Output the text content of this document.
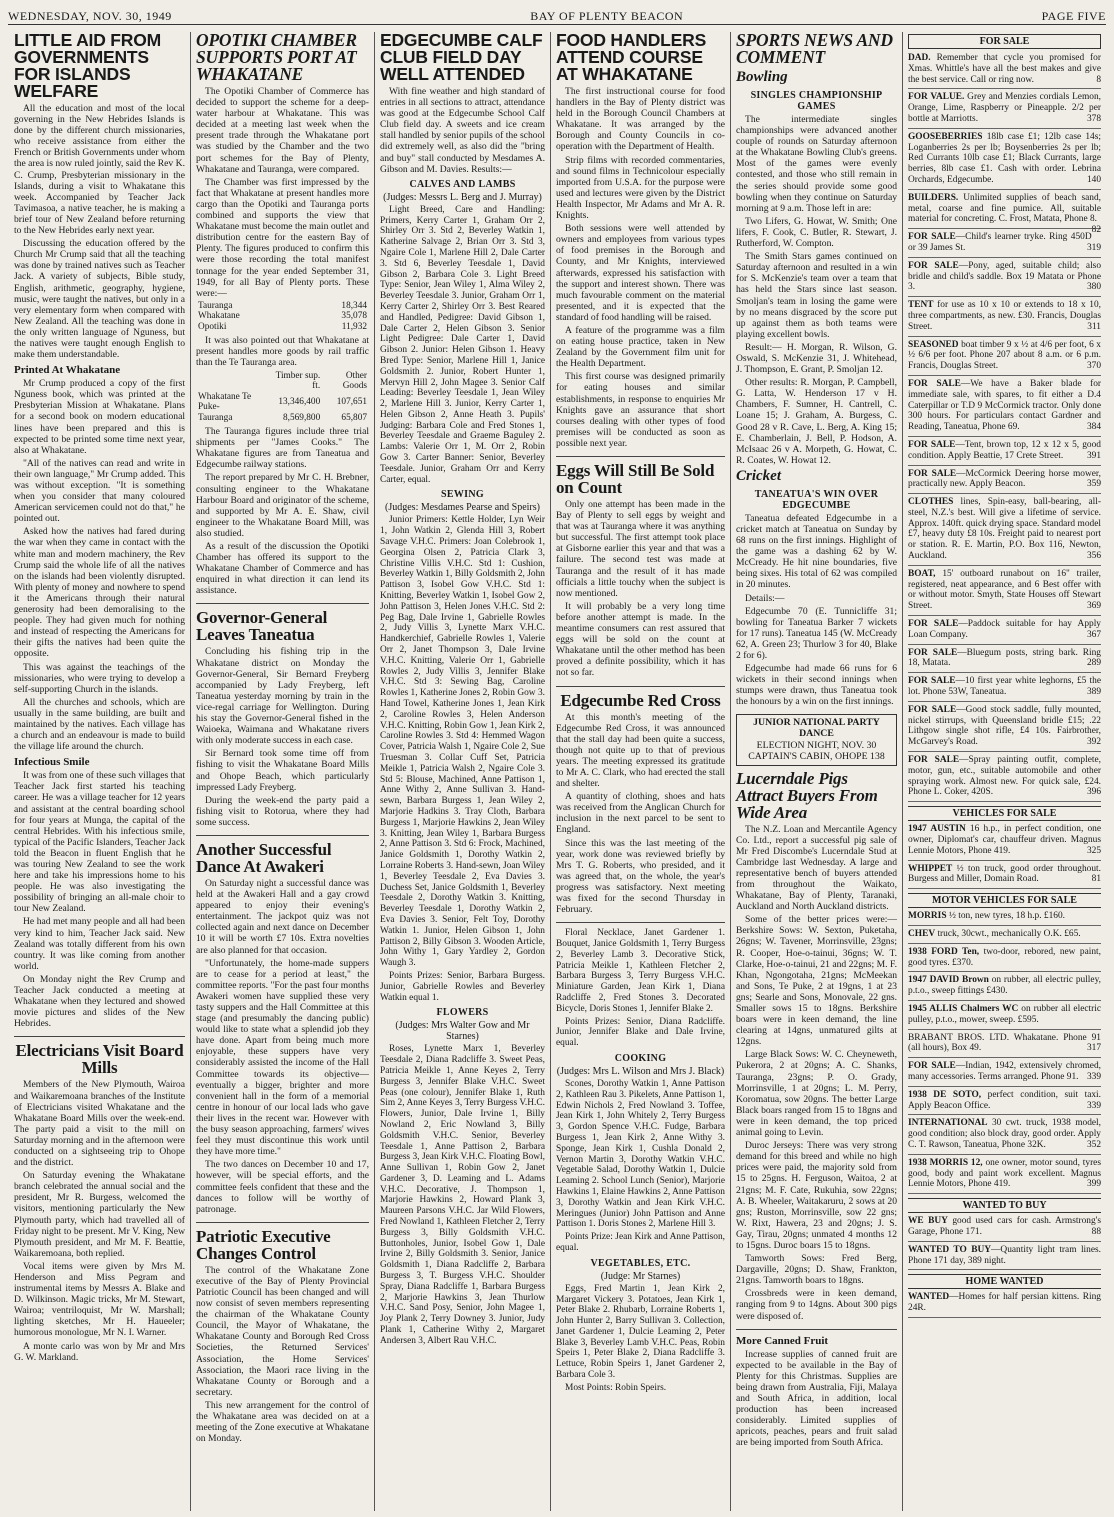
WEDNESDAY, NOV. 30, 1949	BAY OF PLENTY BEACON	PAGE FIVE
LITTLE AID FROM GOVERNMENTS FOR ISLANDS WELFARE

All the education and most of the local governing in the New Hebrides Islands is done by the different church missionaries, who receive assistance from either the French or British Governments under whom the area is now ruled jointly, said the Rev K. C. Crump, Presbyterian missionary in the Islands, during a visit to Whakatane this week. Accompanied by Teacher Jack Tavimasoa, a native teacher, he is making a brief tour of New Zealand before returning to the New Hebrides early next year.

Discussing the education offered by the Church Mr Crump said that all the teaching was done by trained natives such as Teacher Jack. A variety of subjects, Bible study, English, arithmetic, geography, hygiene, music, were taught the natives, but only in a very elementary form when compared with New Zealand. All the teaching was done in the only written language of Nguness, but the natives were taught enough English to make them understandable.

Printed At Whakatane

Mr Crump produced a copy of the first Nguness book, which was printed at the Presbyterian Mission at Whakatane. Plans for a second book on modern educational lines have been prepared and this is expected to be printed some time next year, also at Whakatane.

"All of the natives can read and write in their own language," Mr Crump added. This was without exception. "It is something when you consider that many coloured American servicemen could not do that," he pointed out.

Asked how the natives had fared during the war when they came in contact with the white man and modern machinery, the Rev Crump said the whole life of all the natives on the islands had been violently disrupted. With plenty of money and nowhere to spend it the Americans through their natural generosity had been demoralising to the people. They had given much for nothing and instead of respecting the Americans for their gifts the natives had been quite the opposite.

This was against the teachings of the missionaries, who were trying to develop a self-supporting Church in the islands.

All the churches and schools, which are usually in the same building, are built and maintained by the natives. Each village has a church and an endeavour is made to build the village life around the church.

Infectious Smile

It was from one of these such villages that Teacher Jack first started his teaching career. He was a village teacher for 12 years and assistant at the central boarding school for four years at Munga, the capital of the central Hebrides. With his infectious smile, typical of the Pacific Islanders, Teacher Jack told the Beacon in fluent English that he was touring New Zealand to see the work here and take his impressions home to his people. He was also investigating the possibility of bringing an all-male choir to tour New Zealand.

He had met many people and all had been very kind to him, Teacher Jack said. New Zealand was totally different from his own country. It was like coming from another world.

On Monday night the Rev Crump and Teacher Jack conducted a meeting at Whakatane when they lectured and showed movie pictures and slides of the New Hebrides.

Electricians Visit Board Mills

Members of the New Plymouth, Wairoa and Waikaremoana branches of the Institute of Electricians visited Whakatane and the Whakatane Board Mills over the week-end. The party paid a visit to the mill on Saturday morning and in the afternoon were conducted on a sightseeing trip to Ohope and the district.

On Saturday evening the Whakatane branch celebrated the annual social and the president, Mr R. Burgess, welcomed the visitors, mentioning particularly the New Plymouth party, which had travelled all of Friday night to be present. Mr V. King, New Plymouth president, and Mr M. F. Beattie, Waikaremoana, both replied.

Vocal items were given by Mrs M. Henderson and Miss Pegram and instrumental items by Messrs A. Blake and D. Wilkinson. Magic tricks, Mr M. Stewart, Wairoa; ventriloquist, Mr W. Marshall; lighting sketches, Mr H. Haueeler; humorous monologue, Mr N. I. Warner.

A monte carlo was won by Mr and Mrs G. W. Markland.

OPOTIKI CHAMBER SUPPORTS PORT AT WHAKATANE

The Opotiki Chamber of Commerce has decided to support the scheme for a deep-water harbour at Whakatane. This was decided at a meeting last week when the present trade through the Whakatane port was studied by the Chamber and the two port schemes for the Bay of Plenty, Whakatane and Tauranga, were compared.

The Chamber was first impressed by the fact that Whakatane at present handles more cargo than the Opotiki and Tauranga ports combined and supports the view that Whakatane must become the main outlet and distribution centre for the eastern Bay of Plenty. The figures produced to confirm this were those recording the total manifest tonnage for the year ended September 31, 1949, for all Bay of Plenty ports. These were:—

Tauranga	18,344
Whakatane	35,078
Opotiki	11,932

It was also pointed out that Whakatane at present handles more goods by rail traffic than the Te Tauranga area.

	Timber sup. ft.	Other Goods
Whakatane Te Puke-	13,346,400	107,651
Tauranga	8,569,800	65,807

The Tauranga figures include three trial shipments per "James Cooks." The Whakatane figures are from Taneatua and Edgecumbe railway stations.

The report prepared by Mr C. H. Brebner, consulting engineer to the Whakatane Harbour Board and originator of the scheme, and supported by Mr A. E. Shaw, civil engineer to the Whakatane Board Mill, was also studied.

As a result of the discussion the Opotiki Chamber has offered its support to the Whakatane Chamber of Commerce and has enquired in what direction it can lend its assistance.

Governor-General Leaves Taneatua

Concluding his fishing trip in the Whakatane district on Monday the Governor-General, Sir Bernard Freyberg accompanied by Lady Freyberg, left Taneatua yesterday morning by train in the vice-regal carriage for Wellington. During his stay the Governor-General fished in the Waioeka, Waimana and Whakatane rivers with only moderate success in each case.

Sir Bernard took some time off from fishing to visit the Whakatane Board Mills and Ohope Beach, which particularly impressed Lady Freyberg.

During the week-end the party paid a fishing visit to Rotorua, where they had some success.

Another Successful Dance At Awakeri

On Saturday night a successful dance was held at the Awakeri Hall and a gay crowd appeared to enjoy their evening's entertainment. The jackpot quiz was not collected again and next dance on December 10 it will be worth £7 10s. Extra novelties are also planned for that occasion.

"Unfortunately, the home-made suppers are to cease for a period at least," the committee reports. "For the past four months Awakeri women have supplied these very tasty suppers and the Hall Committee at this stage (and presumably the dancing public) would like to state what a splendid job they have done. Apart from being much more enjoyable, these suppers have very considerably assisted the income of the Hall Committee towards its objective—eventually a bigger, brighter and more convenient hall in the form of a memorial centre in honour of our local lads who gave their lives in the recent war. However with the busy season approaching, farmers' wives feel they must discontinue this work until they have more time."

The two dances on December 10 and 17, however, will be special efforts, and the committee feels confident that these and the dances to follow will be worthy of patronage.

Patriotic Executive Changes Control

The control of the Whakatane Zone executive of the Bay of Plenty Provincial Patriotic Council has been changed and will now consist of seven members representing the chairman of the Whakatane County Council, the Mayor of Whakatane, the Whakatane County and Borough Red Cross Societies, the Returned Services' Association, the Home Services' Association, the Maori race living in the Whakatane County or Borough and a secretary.

This new arrangement for the control of the Whakatane area was decided on at a meeting of the Zone executive at Whakatane on Monday.

EDGECUMBE CALF CLUB FIELD DAY WELL ATTENDED

With fine weather and high standard of entries in all sections to attract, attendance was good at the Edgecumbe School Calf Club field day. A sweets and ice cream stall handled by senior pupils of the school did extremely well, as also did the "bring and buy" stall conducted by Mesdames A. Gibson and M. Davies. Results:—

CALVES AND LAMBS
(Judges: Messrs L. Berg and J. Murray)

Light Breed, Care and Handling: Primers, Kerry Carter 1, Graham Orr 2, Shirley Orr 3. Std 2, Beverley Watkin 1, Katherine Salvage 2, Brian Orr 3. Std 3, Ngaire Cole 1, Marlene Hill 2, Dale Carter 3. Std 6, Beverley Teesdale 1, David Gibson 2, Barbara Cole 3. Light Breed Type: Senior, Jean Wiley 1, Alma Wiley 2, Beverley Teesdale 3. Junior, Graham Orr 1, Kerry Carter 2, Shirley Orr 3. Best Reared and Handled, Pedigree: David Gibson 1, Dale Carter 2, Helen Gibson 3. Senior Light Pedigree: Dale Carter 1, David Gibson 2. Junior: Helen Gibson 1. Heavy Bred Type: Senior, Marlene Hill 1, Janice Goldsmith 2. Junior, Robert Hunter 1, Mervyn Hill 2, John Magee 3. Senior Calf Leading: Beverley Teesdale 1, Jean Wiley 2, Marlene Hill 3. Junior, Kerry Carter 1, Helen Gibson 2, Anne Heath 3. Pupils' Judging: Barbara Cole and Fred Stones 1, Beverley Teesdale and Graeme Baguley 2. Lambs: Valerie Orr 1, M. Orr 2, Robin Gow 3. Carter Banner: Senior, Beverley Teesdale. Junior, Graham Orr and Kerry Carter, equal.

SEWING
(Judges: Mesdames Pearse and Speirs)

Junior Primers: Kettle Holder, Lyn Weir 1, John Watkin 2, Glenda Hill 3, Robert Savage V.H.C. Primers: Joan Colebrook 1, Georgina Olsen 2, Patricia Clark 3, Christine Villis V.H.C. Std 1: Cushion, Beverley Watkin 1, Billy Goldsmith 2, John Pattison 3, Isobel Gow V.H.C. Std 1: Knitting, Beverley Watkin 1, Isobel Gow 2, John Pattison 3, Helen Jones V.H.C. Std 2: Peg Bag, Dale Irvine 1, Gabrielle Rowles 2, Judy Villis 3, Lynette Marx V.H.C. Handkerchief, Gabrielle Rowles 1, Valerie Orr 2, Janet Thompson 3, Dale Irvine V.H.C. Knitting, Valerie Orr 1, Gabrielle Rowles 2, Judy Villis 3, Jennifer Blake V.H.C. Std 3: Sewing Bag, Caroline Rowles 1, Katherine Jones 2, Robin Gow 3. Hand Towel, Katherine Jones 1, Jean Kirk 2, Caroline Rowles 3, Helen Anderson V.H.C. Knitting, Robin Gow 1, Jean Kirk 2, Caroline Rowles 3. Std 4: Hemmed Wagon Cover, Patricia Walsh 1, Ngaire Cole 2, Sue Truesman 3. Collar Cuff Set, Patricia Meikle 1, Patricia Walsh 2, Ngaire Cole 3. Std 5: Blouse, Machined, Anne Pattison 1, Anne Withy 2, Anne Sullivan 3. Hand-sewn, Barbara Burgess 1, Jean Wiley 2, Marjorie Hadkins 3. Tray Cloth, Barbara Burgess 1, Marjorie Hawkins 2, Jean Wiley 3. Knitting, Jean Wiley 1, Barbara Burgess 2, Anne Pattison 3. Std 6: Frock, Machined, Janice Goldsmith 1, Dorothy Watkin 2, Lorraine Roberts 3. Hand-sewn, Joan Wiley 1, Beverley Teesdale 2, Eva Davies 3. Duchess Set, Janice Goldsmith 1, Beverley Teesdale 2, Dorothy Watkin 3. Knitting, Beverley Teesdale 1, Dorothy Watkin 2, Eva Davies 3. Senior, Felt Toy, Dorothy Watkin 1. Junior, Helen Gibson 1, John Pattison 2, Billy Gibson 3. Wooden Article, John Withy 1, Gary Yardley 2, Gordon Waugh 3.

Points Prizes: Senior, Barbara Burgess. Junior, Gabrielle Rowles and Beverley Watkin equal 1.

FLOWERS
(Judges: Mrs Walter Gow and Mr Starnes)

Roses, Lynette Marx 1, Beverley Teesdale 2, Diana Radcliffe 3. Sweet Peas, Patricia Meikle 1, Anne Keyes 2, Terry Burgess 3, Jennifer Blake V.H.C. Sweet Peas (one colour), Jennifer Blake 1, Ruth Sim 2, Anne Keyes 3, Terry Burgess V.H.C. Flowers, Junior, Dale Irvine 1, Billy Nowland 2, Eric Nowland 3, Billy Goldsmith V.H.C. Senior, Beverley Teesdale 1, Anne Pattison 2, Barbara Burgess 3, Jean Kirk V.H.C. Floating Bowl, Anne Sullivan 1, Robin Gow 2, Janet Gardener 3, D. Leaming and L. Adams V.H.C. Decorative, J. Thompson 1, Marjorie Hawkins 2, Howard Plank 3, Maureen Parsons V.H.C. Jar Wild Flowers, Fred Nowland 1, Kathleen Fletcher 2, Terry Burgess 3, Billy Goldsmith V.H.C. Buttonholes, Junior, Isobel Gow 1, Dale Irvine 2, Billy Goldsmith 3. Senior, Janice Goldsmith 1, Diana Radcliffe 2, Barbara Burgess 3, T. Burgess V.H.C. Shoulder Spray, Diana Radcliffe 1, Barbara Burgess 2, Marjorie Hawkins 3, Jean Thurlow V.H.C. Sand Posy, Senior, John Magee 1, Joy Plank 2, Terry Downey 3. Junior, Judy Plank 1, Catherine Withy 2, Margaret Andersen 3, Albert Rau V.H.C.

FOOD HANDLERS ATTEND COURSE AT WHAKATANE

The first instructional course for food handlers in the Bay of Plenty district was held in the Borough Council Chambers at Whakatane. It was arranged by the Borough and County Councils in co-operation with the Department of Health.

Strip films with recorded commentaries, and sound films in Technicolour especially imported from U.S.A. for the purpose were used and lectures were given by the District Health Inspector, Mr Adams and Mr A. R. Knights.

Both sessions were well attended by owners and employees from various types of food premises in the Borough and County, and Mr Knights, interviewed afterwards, expressed his satisfaction with the support and interest shown. There was much favourable comment on the material presented, and it is expected that the standard of food handling will be raised.

A feature of the programme was a film on eating house practice, taken in New Zealand by the Government film unit for the Health Department.

This first course was designed primarily for eating houses and similar establishments, in response to enquiries Mr Knights gave an assurance that short courses dealing with other types of food premises will be conducted as soon as possible next year.

Eggs Will Still Be Sold on Count

Only one attempt has been made in the Bay of Plenty to sell eggs by weight and that was at Tauranga where it was anything but successful. The first attempt took place at Gisborne earlier this year and that was a failure. The second test was made at Tauranga and the result of it has made officials a little touchy when the subject is now mentioned.

It will probably be a very long time before another attempt is made. In the meantime consumers can rest assured that eggs will be sold on the count at Whakatane until the other method has been proved a definite possibility, which it has not so far.

Edgecumbe Red Cross

At this month's meeting of the Edgecumbe Red Cross, it was announced that the stall day had been quite a success, though not quite up to that of previous years. The meeting expressed its gratitude to Mr A. C. Clark, who had erected the stall and shelter.

A quantity of clothing, shoes and hats was received from the Anglican Church for inclusion in the next parcel to be sent to England.

Since this was the last meeting of the year, work done was reviewed briefly by Mrs T. G. Roberts, who presided, and it was agreed that, on the whole, the year's progress was satisfactory. Next meeting was fixed for the second Thursday in February.

Floral Necklace, Janet Gardener 1. Bouquet, Janice Goldsmith 1, Terry Burgess 2, Beverley Lamb 3. Decorative Stick, Patricia Meikle 1, Kathleen Fletcher 2, Barbara Burgess 3, Terry Burgess V.H.C. Miniature Garden, Jean Kirk 1, Diana Radcliffe 2, Fred Stones 3. Decorated Bicycle, Doris Stones 1, Jennifer Blake 2.

Points Prizes: Senior, Diana Radcliffe. Junior, Jennifer Blake and Dale Irvine, equal.

COOKING
(Judges: Mrs L. Wilson and Mrs J. Black)

Scones, Dorothy Watkin 1, Anne Pattison 2, Kathleen Rau 3. Pikelets, Anne Pattison 1, Edwin Nichols 2, Fred Nowland 3. Toffee, Jean Kirk 1, John Whitely 2, Terry Burgess 3, Gordon Spence V.H.C. Fudge, Barbara Burgess 1, Jean Kirk 2, Anne Withy 3. Sponge, Jean Kirk 1, Cushla Donald 2, Vernon Martin 3, Dorothy Watkin V.H.C. Vegetable Salad, Dorothy Watkin 1, Dulcie Leaming 2. School Lunch (Senior), Marjorie Hawkins 1, Elaine Hawkins 2, Anne Pattison 3, Dorothy Watkin and Jean Kirk V.H.C. Meringues (Junior) John Pattison and Anne Pattison 1. Doris Stones 2, Marlene Hill 3.

Points Prize: Jean Kirk and Anne Pattison, equal.

VEGETABLES, ETC.
(Judge: Mr Starnes)

Eggs, Fred Martin 1, Jean Kirk 2, Margaret Vickery 3. Potatoes, Jean Kirk 1, Peter Blake 2. Rhubarb, Lorraine Roberts 1, John Hunter 2, Barry Sullivan 3. Collection, Janet Gardener 1, Dulcie Leaming 2, Peter Blake 3, Beverley Lamb V.H.C. Peas, Robin Speirs 1, Peter Blake 2, Diana Radcliffe 3. Lettuce, Robin Speirs 1, Janet Gardener 2, Barbara Cole 3.

Most Points: Robin Speirs.

SPORTS NEWS AND COMMENT
Bowling
SINGLES CHAMPIONSHIP GAMES

The intermediate singles championships were advanced another couple of rounds on Saturday afternoon at the Whakatane Bowling Club's greens. Most of the games were evenly contested, and those who still remain in the series should provide some good bowling when they continue on Saturday morning at 9 a.m. Those left in are:

Two Lifers, G. Howat, W. Smith; One lifers, F. Cook, C. Butler, R. Stewart, J. Rutherford, W. Compton.

The Smith Stars games continued on Saturday afternoon and resulted in a win for S. McKenzie's team over a team that has held the Stars since last season. Smoljan's team in losing the game were by no means disgraced by the score put up against them as both teams were playing excellent bowls.

Result:— H. Morgan, R. Wilson, G. Oswald, S. McKenzie 31, J. Whitehead, J. Thompson, E. Grant, P. Smoljan 12.

Other results: R. Morgan, P. Campbell, G. Latta, W. Henderson 17 v H. Chambers, F. Sumner, H. Cantrell, C. Loane 15; J. Graham, A. Burgess, C. Good 28 v R. Cave, L. Berg, A. King 15; E. Chamberlain, J. Bell, P. Hodson, A. McIsaac 26 v A. Morpeth, G. Howat, C. R. Coates, W. Howat 12.

Cricket
TANEATUA'S WIN OVER EDGECUMBE

Taneatua defeated Edgecumbe in a cricket match at Taneatua on Sunday by 68 runs on the first innings. Highlight of the game was a dashing 62 by W. McCready. He hit nine boundaries, five being sixes. His total of 62 was compiled in 20 minutes.

Details:—

Edgecumbe 70 (E. Tunnicliffe 31; bowling for Taneatua Barker 7 wickets for 17 runs). Taneatua 145 (W. McCready 62, A. Green 23; Thurlow 3 for 40, Blake 2 for 6).

Edgecumbe had made 66 runs for 6 wickets in their second innings when stumps were drawn, thus Taneatua took the honours by a win on the first innings.

JUNIOR NATIONAL PARTY DANCE
ELECTION NIGHT, NOV. 30
CAPTAIN'S CABIN, OHOPE 138
Lucerndale Pigs Attract Buyers From Wide Area

The N.Z. Loan and Mercantile Agency Co. Ltd., report a successful pig sale of Mr Fred Discombe's Lucerndale Stud at Cambridge last Wednesday. A large and representative bench of buyers attended from throughout the Waikato, Whakatane, Bay of Plenty, Taranaki, Auckland and North Auckland districts.

Some of the better prices were:— Berkshire Sows: W. Sexton, Puketaha, 26gns; W. Tavener, Morrinsville, 23gns; R. Cooper, Hoe-o-tainui, 36gns; W. T. Clarke, Hoe-o-tainui, 21 and 22gns; M. F. Khan, Ngongotaha, 21gns; McMeekan and Sons, Te Puke, 2 at 19gns, 1 at 23 gns; Searle and Sons, Monovale, 22 gns. Smaller sows 15 to 18gns. Berkshire boars were in keen demand, the line clearing at 14gns, unmatured gilts at 12gns.

Large Black Sows: W. C. Cheyneweth, Pukerora, 2 at 20gns; A. C. Shanks, Tauranga, 23gns; P. O. Grady, Morrinsville, 1 at 20gns; L. M. Perry, Koromatua, sow 20gns. The better Large Black boars ranged from 15 to 18gns and were in keen demand, the top priced animal going to Levin.

Duroc Jerseys: There was very strong demand for this breed and while no high prices were paid, the majority sold from 15 to 25gns. H. Ferguson, Waitoa, 2 at 21gns; M. F. Cate, Rukuhia, sow 22gns; A. B. Wheeler, Waitakaruru, 2 sows at 20 gns; Ruston, Morrinsville, sow 22 gns; W. Rixt, Hawera, 23 and 20gns; J. S. Gay, Tirau, 20gns; unmated 4 months 12 to 15gns. Duroc boars 15 to 18gns.

Tamworth Sows: Fred Berg, Dargaville, 20gns; D. Shaw, Frankton, 21gns. Tamworth boars to 18gns.

Crossbreds were in keen demand, ranging from 9 to 14gns. About 300 pigs were disposed of.

More Canned Fruit

Increase supplies of canned fruit are expected to be available in the Bay of Plenty for this Christmas. Supplies are being drawn from Australia, Fiji, Malaya and South Africa, in addition, local production has been increased considerably. Limited supplies of apricots, peaches, pears and fruit salad are being imported from South Africa.

FOR SALE
DAD. Remember that cycle you promised for Xmas. Whittle's have all the best makes and give the best service. Call or ring now.	8
FOR VALUE. Grey and Menzies cordials Lemon, Orange, Lime, Raspberry or Pineapple. 2/2 per bottle at Marriotts.	378
GOOSEBERRIES 18lb case £1; 12lb case 14s; Loganberries 2s per lb; Boysenberries 2s per lb; Red Currants 10lb case £1; Black Currants, large berries, 8lb case £1. Cash with order. Lebrina Orchards, Edgecumbe.	140
BUILDERS. Unlimited supplies of beach sand, metal, coarse and fine pumice. All, suitable material for concreting. C. Frost, Matata, Phone 8.
82
FOR SALE—Child's learner tryke. Ring 450D or 39 James St.	319
FOR SALE—Pony, aged, suitable child; also bridle and child's saddle. Box 19 Matata or Phone 3.	380
TENT for use as 10 x 10 or extends to 18 x 10, three compartments, as new. £30. Francis, Douglas Street.	311
SEASONED boat timber 9 x ½ at 4/6 per foot, 6 x ½ 6/6 per foot. Phone 207 about 8 a.m. or 6 p.m. Francis, Douglas Street.	370
FOR SALE—We have a Baker blade for immediate sale, with spares, to fit either a D.4 Caterpillar or T.D 9 McCormick tractor. Only done 300 hours. For particulars contact Gardner and Reading, Taneatua, Phone 69.	384
FOR SALE—Tent, brown top, 12 x 12 x 5, good condition. Apply Beattie, 17 Crete Street.	391
FOR SALE—McCormick Deering horse mower, practically new. Apply Beacon.	359
CLOTHES lines, Spin-easy, ball-bearing, all-steel, N.Z.'s best. Will give a lifetime of service. Approx. 140ft. quick drying space. Standard model £7, heavy duty £8 10s. Freight paid to nearest port or station. R. E. Martin, P.O. Box 116, Newton, Auckland.	356
BOAT, 15' outboard runabout on 16" trailer, registered, neat appearance, and 6 Best offer with or without motor. Smyth, State Houses off Stewart Street.	369
FOR SALE—Paddock suitable for hay Apply Loan Company.	367
FOR SALE—Bluegum posts, string bark. Ring 18, Matata.	289
FOR SALE—10 first year white leghorns, £5 the lot. Phone 53W, Taneatua.	389
FOR SALE—Good stock saddle, fully mounted, nickel stirrups, with Queensland bridle £15; .22 Lithgow single shot rifle, £4 10s. Fairbrother, McGarvey's Road.	392
FOR SALE—Spray painting outfit, complete, motor, gun, etc., suitable automobile and other spraying work. Almost new. For quick sale, £24. Phone L. Coker, 420S.	396
VEHICLES FOR SALE
1947 AUSTIN 16 h.p., in perfect condition, one owner, Diplomat's car, chauffeur driven. Magnus Lennie Motors, Phone 419.	325
WHIPPET ½ ton truck, good order throughout. Burgess and Miller, Domain Road.	81
MOTOR VEHICLES FOR SALE
MORRIS ½ ton, new tyres, 18 h.p. £160.
CHEV truck, 30cwt., mechanically O.K. £65.
1938 FORD Ten, two-door, rebored, new paint, good tyres. £370.
1947 DAVID Brown on rubber, all electric pulley, p.t.o., sweep fittings £430.
1945 ALLIS Chalmers WC on rubber all electric pulley, p.t.o., mower, sweep. £595.
BRABANT BROS. LTD. Whakatane. Phone 91 (all hours), Box 49.	317
FOR SALE—Indian, 1942, extensively chromed, many accessories. Terms arranged. Phone 91. 339
1938 DE SOTO, perfect condition, suit taxi. Apply Beacon Office.	339
INTERNATIONAL 30 cwt. truck, 1938 model, good condition; also block dray, good order. Apply C. T. Rawson, Taneatua, Phone 32K.	352
1938 MORRIS 12, one owner, motor sound, tyres good, body and paint work excellent. Magnus Lennie Motors, Phone 419.	399
WANTED TO BUY
WE BUY good used cars for cash. Armstrong's Garage, Phone 171.	88
WANTED TO BUY—Quantity light tram lines. Phone 171 day, 389 night.
HOME WANTED
WANTED—Homes for half persian kittens. Ring 24R.
